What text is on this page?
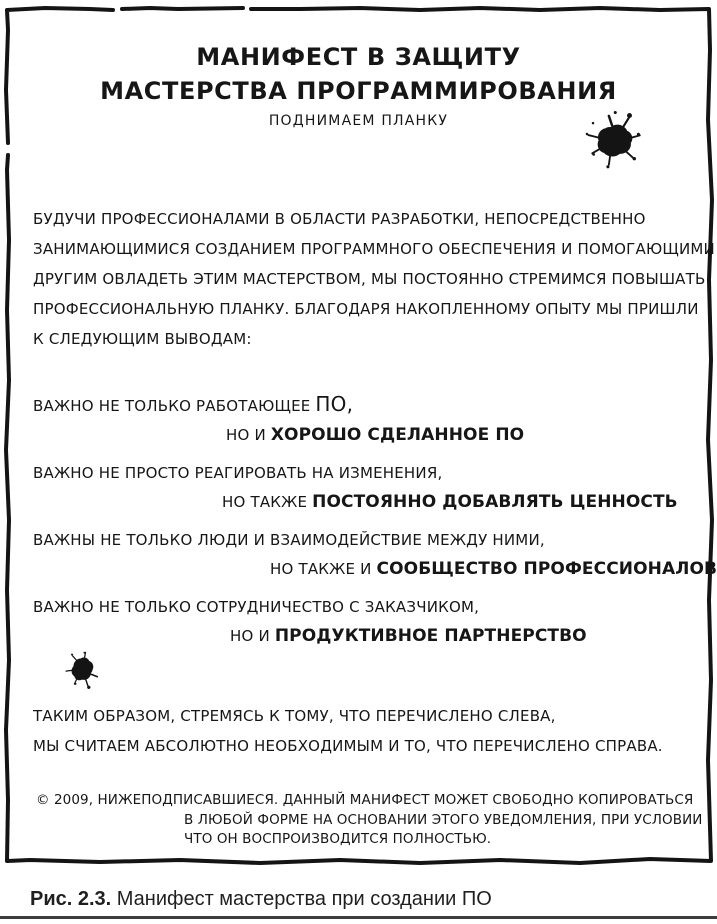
МАНИФЕСТ В ЗАЩИТУ
МАСТЕРСТВА ПРОГРАММИРОВАНИЯ
ПОДНИМАЕМ ПЛАНКУ
БУДУЧИ ПРОФЕССИОНАЛАМИ В ОБЛАСТИ РАЗРАБОТКИ, НЕПОСРЕДСТВЕННО
ЗАНИМАЮЩИМИСЯ СОЗДАНИЕМ ПРОГРАММНОГО ОБЕСПЕЧЕНИЯ И ПОМОГАЮЩИМИ
ДРУГИМ ОВЛАДЕТЬ ЭТИМ МАСТЕРСТВОМ, МЫ ПОСТОЯННО СТРЕМИМСЯ ПОВЫШАТЬ
ПРОФЕССИОНАЛЬНУЮ ПЛАНКУ. БЛАГОДАРЯ НАКОПЛЕННОМУ ОПЫТУ МЫ ПРИШЛИ
К СЛЕДУЮЩИМ ВЫВОДАМ:
ВАЖНО НЕ ТОЛЬКО РАБОТАЮЩЕЕ ПО,
НО И ХОРОШО СДЕЛАННОЕ ПО
ВАЖНО НЕ ПРОСТО РЕАГИРОВАТЬ НА ИЗМЕНЕНИЯ,
НО ТАКЖЕ ПОСТОЯННО ДОБАВЛЯТЬ ЦЕННОСТЬ
ВАЖНЫ НЕ ТОЛЬКО ЛЮДИ И ВЗАИМОДЕЙСТВИЕ МЕЖДУ НИМИ,
НО ТАКЖЕ И СООБЩЕСТВО ПРОФЕССИОНАЛОВ
ВАЖНО НЕ ТОЛЬКО СОТРУДНИЧЕСТВО С ЗАКАЗЧИКОМ,
НО И ПРОДУКТИВНОЕ ПАРТНЕРСТВО
ТАКИМ ОБРАЗОМ, СТРЕМЯСЬ К ТОМУ, ЧТО ПЕРЕЧИСЛЕНО СЛЕВА,
МЫ СЧИТАЕМ АБСОЛЮТНО НЕОБХОДИМЫМ И ТО, ЧТО ПЕРЕЧИСЛЕНО СПРАВА.
© 2009, НИЖЕПОДПИСАВШИЕСЯ. ДАННЫЙ МАНИФЕСТ МОЖЕТ СВОБОДНО КОПИРОВАТЬСЯ
В ЛЮБОЙ ФОРМЕ НА ОСНОВАНИИ ЭТОГО УВЕДОМЛЕНИЯ, ПРИ УСЛОВИИ
ЧТО ОН ВОСПРОИЗВОДИТСЯ ПОЛНОСТЬЮ.
Рис. 2.3. Манифест мастерства при создании ПО
